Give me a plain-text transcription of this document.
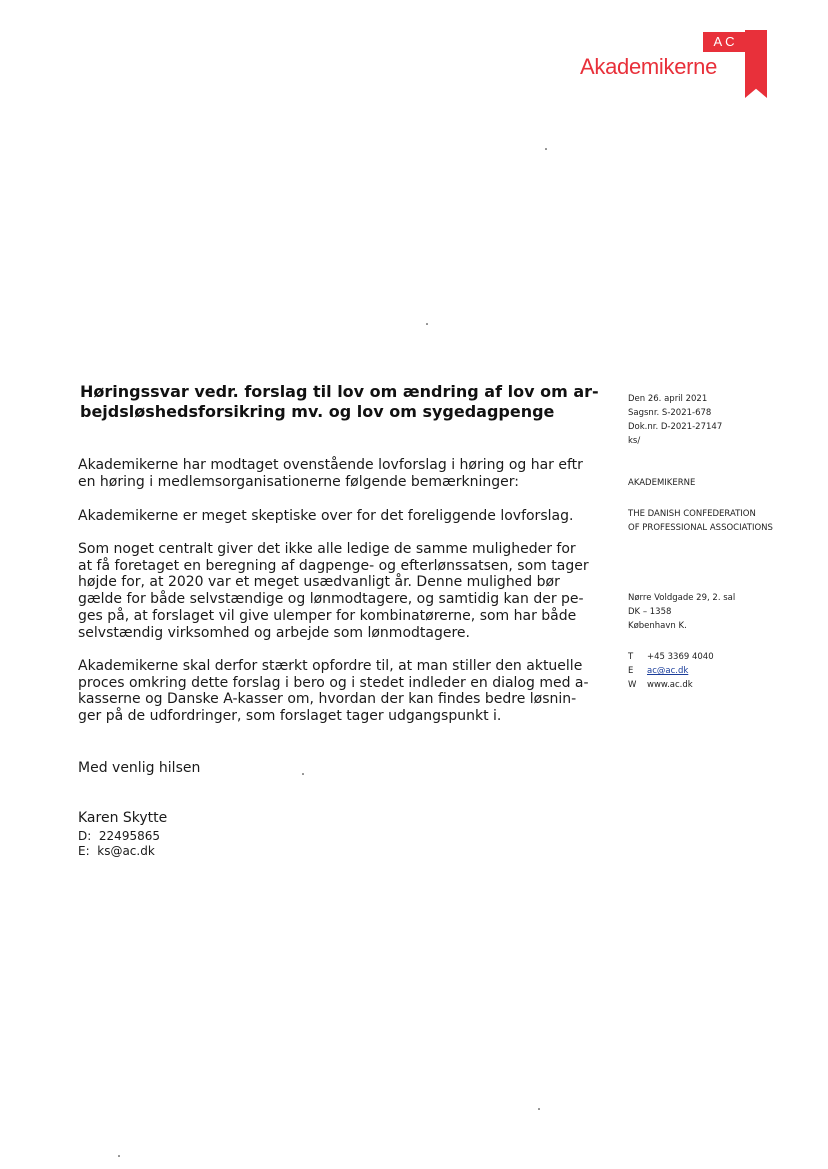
AC
Akademikerne
Høringssvar vedr. forslag til lov om ændring af lov om ar-
bejdsløshedsforsikring mv. og lov om sygedagpenge

Akademikerne har modtaget ovenstående lovforslag i høring og har eftr
en høring i medlemsorganisationerne følgende bemærkninger:

Akademikerne er meget skeptiske over for det foreliggende lovforslag.

Som noget centralt giver det ikke alle ledige de samme muligheder for
at få foretaget en beregning af dagpenge- og efterlønssatsen, som tager
højde for, at 2020 var et meget usædvanligt år. Denne mulighed bør
gælde for både selvstændige og lønmodtagere, og samtidig kan der pe-
ges på, at forslaget vil give ulemper for kombinatørerne, som har både
selvstændig virksomhed og arbejde som lønmodtagere.

Akademikerne skal derfor stærkt opfordre til, at man stiller den aktuelle
proces omkring dette forslag i bero og i stedet indleder en dialog med a-
kasserne og Danske A-kasser om, hvordan der kan findes bedre løsnin-
ger på de udfordringer, som forslaget tager udgangspunkt i.

Med venlig hilsen

Karen Skytte

D:  22495865
E:  ks@ac.dk
Den 26. april 2021
Sagsnr. S-2021-678
Dok.nr. D-2021-27147
ks/
AKADEMIKERNE
THE DANISH CONFEDERATION
OF PROFESSIONAL ASSOCIATIONS
Nørre Voldgade 29, 2. sal
DK – 1358
København K.
T	+45 3369 4040
E	ac@ac.dk
W	www.ac.dk
